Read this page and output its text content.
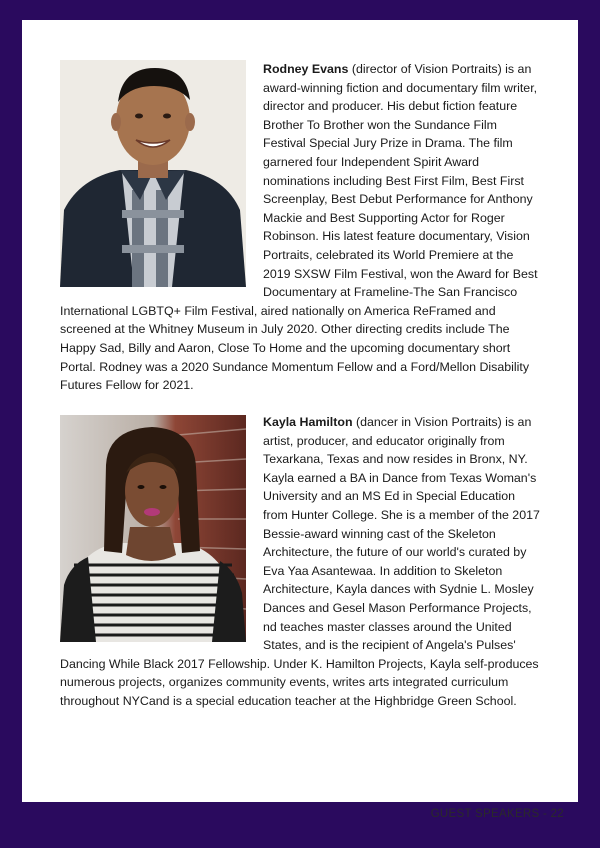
Rodney Evans (director of Vision Portraits) is an award-winning fiction and documentary film writer, director and producer. His debut fiction feature Brother To Brother won the Sundance Film Festival Special Jury Prize in Drama. The film garnered four Independent Spirit Award nominations including Best First Film, Best First Screenplay, Best Debut Performance for Anthony Mackie and Best Supporting Actor for Roger Robinson. His latest feature documentary, Vision Portraits, celebrated its World Premiere at the 2019 SXSW Film Festival, won the Award for Best Documentary at Frameline-The San Francisco International LGBTQ+ Film Festival, aired nationally on America ReFramed and screened at the Whitney Museum in July 2020. Other directing credits include The Happy Sad, Billy and Aaron, Close To Home and the upcoming documentary short Portal. Rodney was a 2020 Sundance Momentum Fellow and a Ford/Mellon Disability Futures Fellow for 2021.
Kayla Hamilton (dancer in Vision Portraits) is an artist, producer, and educator originally from Texarkana, Texas and now resides in Bronx, NY. Kayla earned a BA in Dance from Texas Woman's University and an MS Ed in Special Education from Hunter College. She is a member of the 2017 Bessie-award winning cast of the Skeleton Architecture, the future of our world's curated by Eva Yaa Asantewaa. In addition to Skeleton Architecture, Kayla dances with Sydnie L. Mosley Dances and Gesel Mason Performance Projects, nd teaches master classes around the United States, and is the recipient of Angela's Pulses' Dancing While Black 2017 Fellowship. Under K. Hamilton Projects, Kayla self-produces numerous projects, organizes community events, writes arts integrated curriculum throughout NYCand is a special education teacher at the Highbridge Green School.
GUEST SPEAKERS - 22
